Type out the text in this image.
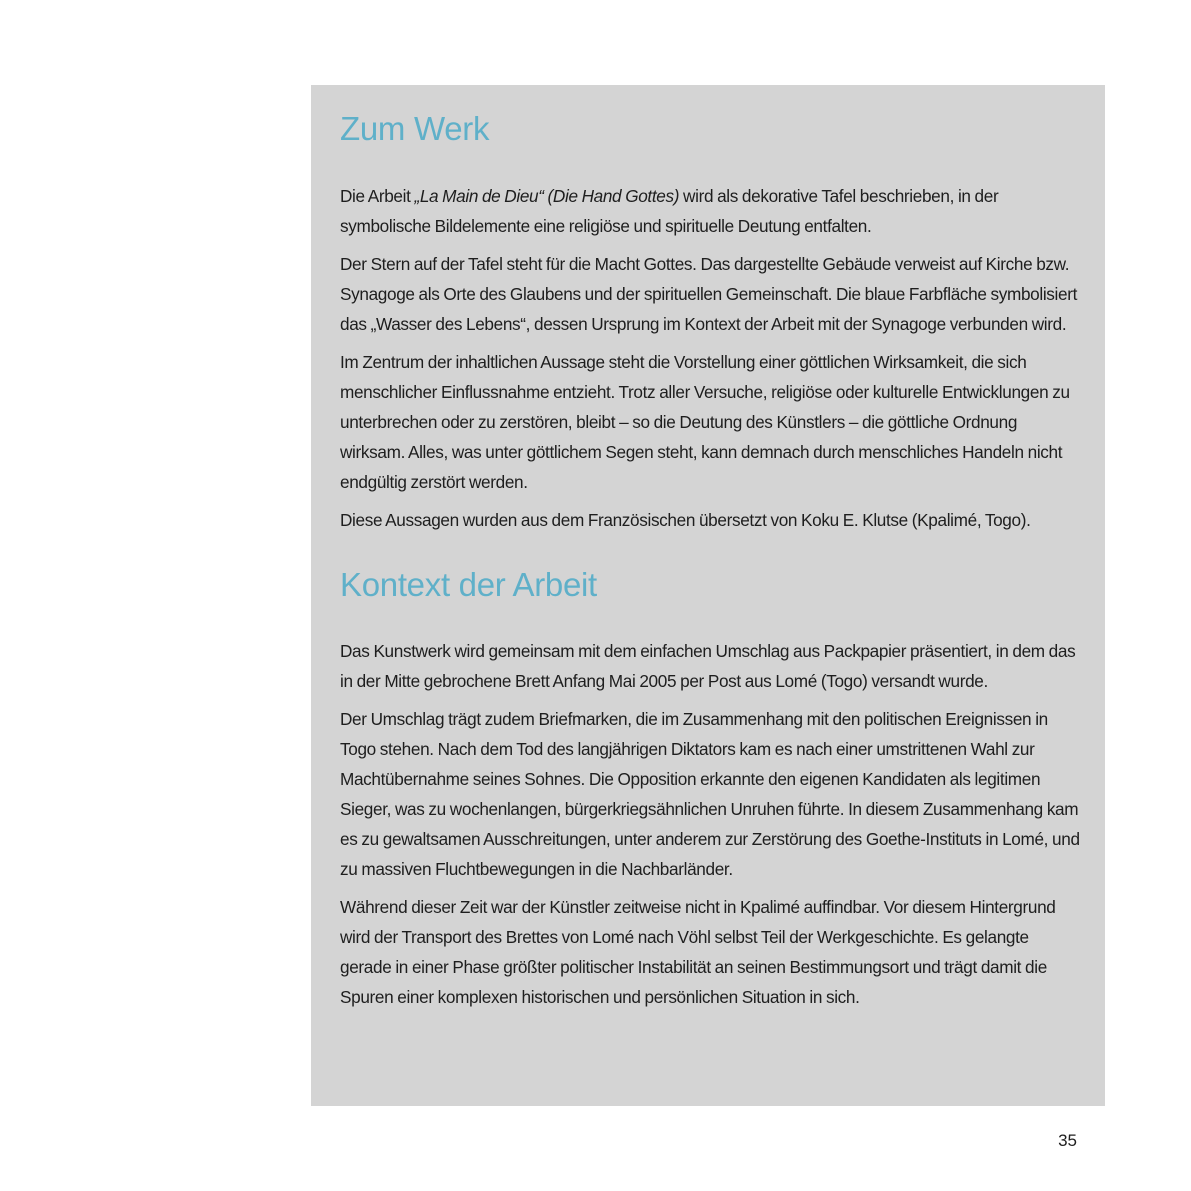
Zum Werk

Die Arbeit „La Main de Dieu“ (Die Hand Gottes) wird als dekorative Tafel beschrieben, in der symbolische Bildelemente eine religiöse und spirituelle Deutung entfalten.

Der Stern auf der Tafel steht für die Macht Gottes. Das dargestellte Gebäude verweist auf Kirche bzw. Synagoge als Orte des Glaubens und der spirituellen Gemeinschaft. Die blaue Farbfläche symbolisiert das „Wasser des Lebens“, dessen Ursprung im Kontext der Arbeit mit der Synagoge verbunden wird.

Im Zentrum der inhaltlichen Aussage steht die Vorstellung einer göttlichen Wirksamkeit, die sich menschlicher Einflussnahme entzieht. Trotz aller Versuche, religiöse oder kulturelle Entwicklungen zu unterbrechen oder zu zerstören, bleibt – so die Deutung des Künstlers – die göttliche Ordnung wirksam. Alles, was unter göttlichem Segen steht, kann demnach durch menschliches Handeln nicht endgültig zerstört werden.

Diese Aussagen wurden aus dem Französischen übersetzt von Koku E. Klutse (Kpalimé, Togo).

Kontext der Arbeit

Das Kunstwerk wird gemeinsam mit dem einfachen Umschlag aus Packpapier präsentiert, in dem das in der Mitte gebrochene Brett Anfang Mai 2005 per Post aus Lomé (Togo) versandt wurde.

Der Umschlag trägt zudem Briefmarken, die im Zusammenhang mit den politischen Ereignissen in Togo stehen. Nach dem Tod des langjährigen Diktators kam es nach einer umstrittenen Wahl zur Machtübernahme seines Sohnes. Die Opposition erkannte den eigenen Kandidaten als legitimen Sieger, was zu wochenlangen, bürgerkriegsähnlichen Unruhen führte. In diesem Zusammenhang kam es zu gewaltsamen Ausschreitungen, unter anderem zur Zerstörung des Goethe-Instituts in Lomé, und zu massiven Fluchtbewegungen in die Nachbarländer.

Während dieser Zeit war der Künstler zeitweise nicht in Kpalimé auffindbar. Vor diesem Hintergrund wird der Transport des Brettes von Lomé nach Vöhl selbst Teil der Werkgeschichte. Es gelangte gerade in einer Phase größter politischer Instabilität an seinen Bestimmungsort und trägt damit die Spuren einer komplexen historischen und persönlichen Situation in sich.

35
